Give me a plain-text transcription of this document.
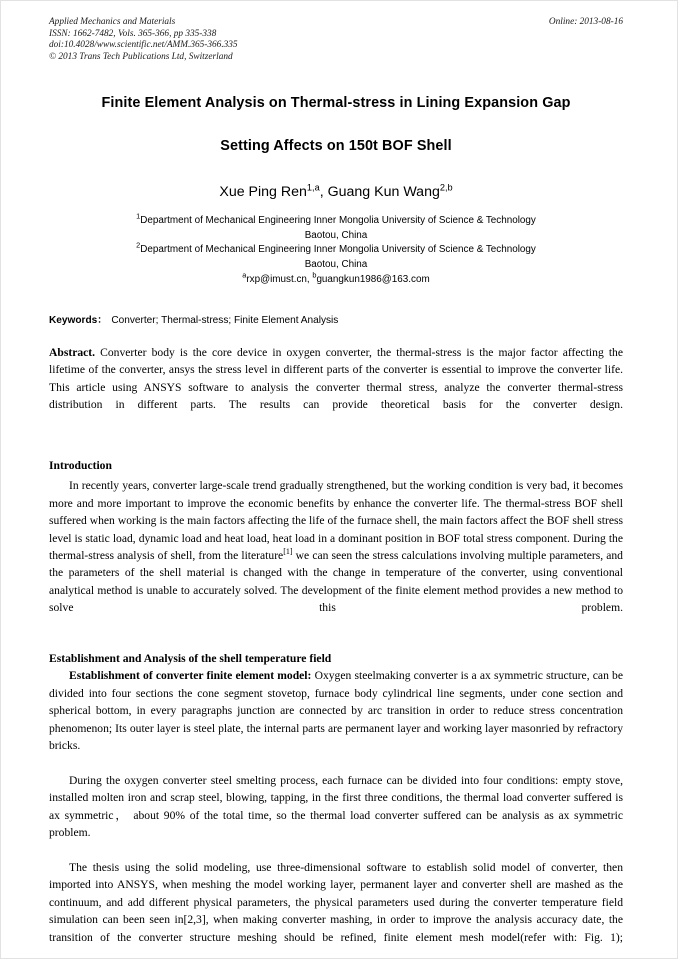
Applied Mechanics and Materials
ISSN: 1662-7482, Vols. 365-366, pp 335-338
doi:10.4028/www.scientific.net/AMM.365-366.335
© 2013 Trans Tech Publications Ltd, Switzerland
Online: 2013-08-16
Finite Element Analysis on Thermal-stress in Lining Expansion Gap
Setting Affects on 150t BOF Shell
Xue Ping Ren$^{1,a}$, Guang Kun Wang$^{2,b}$
$^1$Department of Mechanical Engineering Inner Mongolia University of Science & Technology
Baotou, China
$^2$Department of Mechanical Engineering Inner Mongolia University of Science & Technology
Baotou, China
$^a$rxp@imust.cn, $^b$guangkun1986@163.com
Keywords： Converter; Thermal-stress; Finite Element Analysis
Abstract. Converter body is the core device in oxygen converter, the thermal-stress is the major factor affecting the lifetime of the converter, ansys the stress level in different parts of the converter is essential to improve the converter life. This article using ANSYS software to analysis the converter thermal stress, analyze the converter thermal-stress distribution in different parts. The results can provide theoretical basis for the converter design.
Introduction

In recently years, converter large-scale trend gradually strengthened, but the working condition is very bad, it becomes more and more important to improve the economic benefits by enhance the converter life. The thermal-stress BOF shell suffered when working is the main factors affecting the life of the furnace shell, the main factors affect the BOF shell stress level is static load, dynamic load and heat load, heat load in a dominant position in BOF total stress component. During the thermal-stress analysis of shell, from the literature[1] we can seen the stress calculations involving multiple parameters, and the parameters of the shell material is changed with the change in temperature of the converter, using conventional analytical method is unable to accurately solved. The development of the finite element method provides a new method to solve this problem.

Establishment and Analysis of the shell temperature field

Establishment of converter finite element model: Oxygen steelmaking converter is a ax symmetric structure, can be divided into four sections the cone segment stovetop, furnace body cylindrical line segments, under cone section and spherical bottom, in every paragraphs junction are connected by arc transition in order to reduce stress concentration phenomenon; Its outer layer is steel plate, the internal parts are permanent layer and working layer masonried by refractory bricks.

During the oxygen converter steel smelting process, each furnace can be divided into four conditions: empty stove, installed molten iron and scrap steel, blowing, tapping, in the first three conditions, the thermal load converter suffered is ax symmetric， about 90% of the total time, so the thermal load converter suffered can be analysis as ax symmetric problem.

The thesis using the solid modeling, use three-dimensional software to establish solid model of converter, then imported into ANSYS, when meshing the model working layer, permanent layer and converter shell are mashed as the continuum, and add different physical parameters, the physical parameters used during the converter temperature field simulation can been seen in[2,3], when making converter mashing, in order to improve the analysis accuracy date, the transition of the converter structure meshing should be refined, finite element mesh model(refer with: Fig. 1);
